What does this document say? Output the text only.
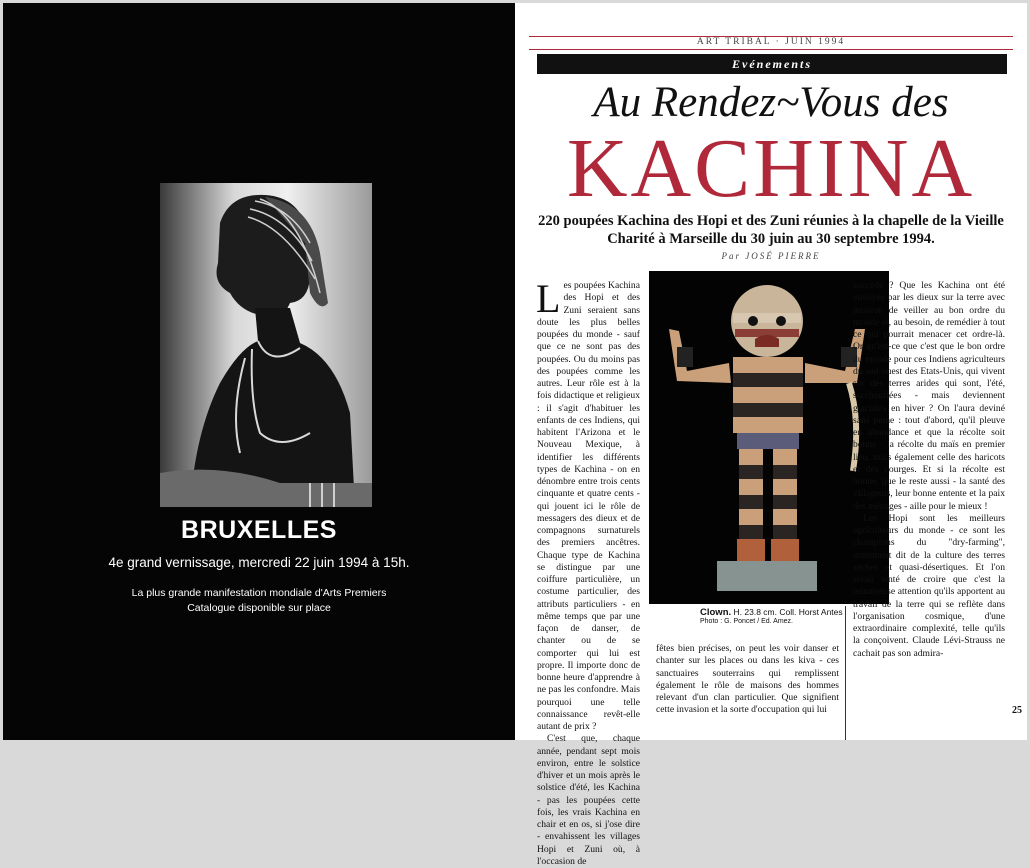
BRUXELLES
4e grand vernissage, mercredi 22 juin 1994 à 15h.
La plus grande manifestation mondiale d'Arts Premiers
Catalogue disponible sur place
ART TRIBAL · JUIN 1994
Evénements
Au Rendez~Vous des
KACHINA
220 poupées Kachina des Hopi et des Zuni réunies à la chapelle de la Vieille Charité à Marseille du 30 juin au 30 septembre 1994.
Par JOSÉ PIERRE

Les poupées Kachina des Hopi et des Zuni seraient sans doute les plus belles poupées du monde - sauf que ce ne sont pas des poupées. Ou du moins pas des poupées comme les autres. Leur rôle est à la fois didactique et religieux : il s'agit d'habituer les enfants de ces Indiens, qui habitent l'Arizona et le Nouveau Mexique, à identifier les différents types de Kachina - on en dénombre entre trois cents cinquante et quatre cents - qui jouent ici le rôle de messagers des dieux et de compagnons surnaturels des premiers ancêtres. Chaque type de Kachina se distingue par une coiffure particulière, un costume particulier, des attributs particuliers - en même temps que par une façon de danser, de chanter ou de se comporter qui lui est propre. Il importe donc de bonne heure d'apprendre à ne pas les confondre. Mais pourquoi une telle connaissance revêt-elle autant de prix ?

C'est que, chaque année, pendant sept mois environ, entre le solstice d'hiver et un mois après le solstice d'été, les Kachina - pas les poupées cette fois, les vrais Kachina en chair et en os, si j'ose dire - envahissent les villages Hopi et Zuni où, à l'occasion de

Clown. H. 23.8 cm. Coll. Horst Antes
Photo : G. Poncet / Ed. Amez.

fêtes bien précises, on peut les voir danser et chanter sur les places ou dans les kiva - ces sanctuaires souterrains qui remplissent également le rôle de maisons des hommes relevant d'un clan particulier. Que signifient cette invasion et la sorte d'occupation qui lui

succède ? Que les Kachina ont été envoyés par les dieux sur la terre avec mission de veiller au bon ordre du monde et, au besoin, de remédier à tout ce qui pourrait menacer cet ordre-là. Or qu'est-ce que c'est que le bon ordre du monde pour ces Indiens agriculteurs du sud-ouest des Etats-Unis, qui vivent sur des terres arides qui sont, l'été, surchauffées - mais deviennent glaciales en hiver ? On l'aura deviné sans peine : tout d'abord, qu'il pleuve en abondance et que la récolte soit bonne - la récolte du maïs en premier lieu, mais également celle des haricots et des courges. Et si la récolte est bonne, que le reste aussi - la santé des villageois, leur bonne entente et la paix des ménages - aille pour le mieux !

Les Hopi sont les meilleurs agriculteurs du monde - ce sont les champions du "dry-farming", autrement dit de la culture des terres sèches et quasi-désertiques. Et l'on serait tenté de croire que c'est la minutieuse attention qu'ils apportent au travail de la terre qui se reflète dans l'organisation cosmique, d'une extraordinaire complexité, telle qu'ils la conçoivent. Claude Lévi-Strauss ne cachait pas son admira-

25
